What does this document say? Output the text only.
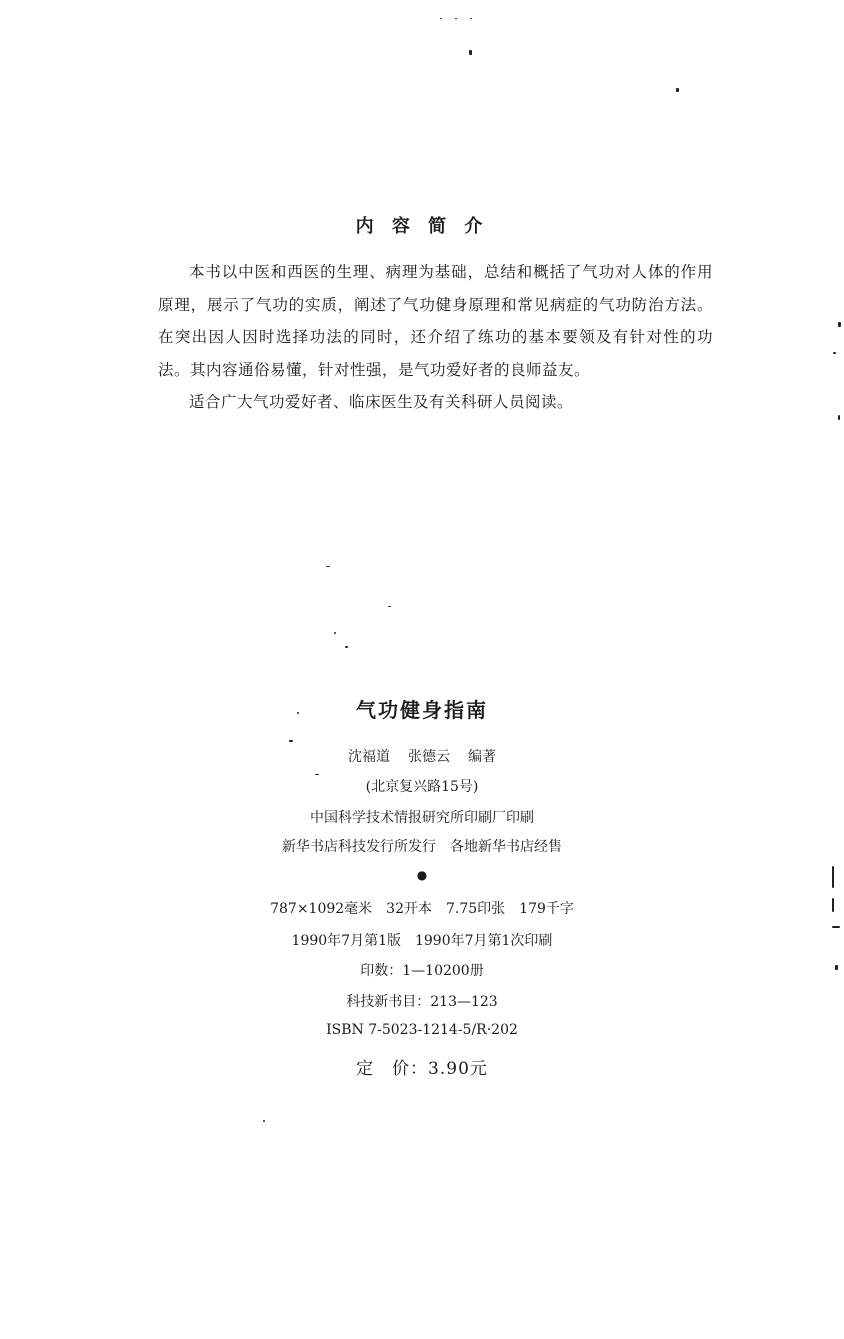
内 容 简 介

本书以中医和西医的生理、病理为基础，总结和概括了气功对人体的作用原理，展示了气功的实质，阐述了气功健身原理和常见病症的气功防治方法。在突出因人因时选择功法的同时，还介绍了练功的基本要领及有针对性的功法。其内容通俗易懂，针对性强，是气功爱好者的良师益友。

适合广大气功爱好者、临床医生及有关科研人员阅读。

气功健身指南
沈福道 张德云 编著
(北京复兴路15号)
中国科学技术情报研究所印刷厂印刷
新华书店科技发行所发行　各地新华书店经售
●
787×1092毫米　32开本　7.75印张　179千字
1990年7月第1版　1990年7月第1次印刷
印数：1—10200册
科技新书目：213—123
ISBN 7-5023-1214-5/R·202
定　价：3.90元
